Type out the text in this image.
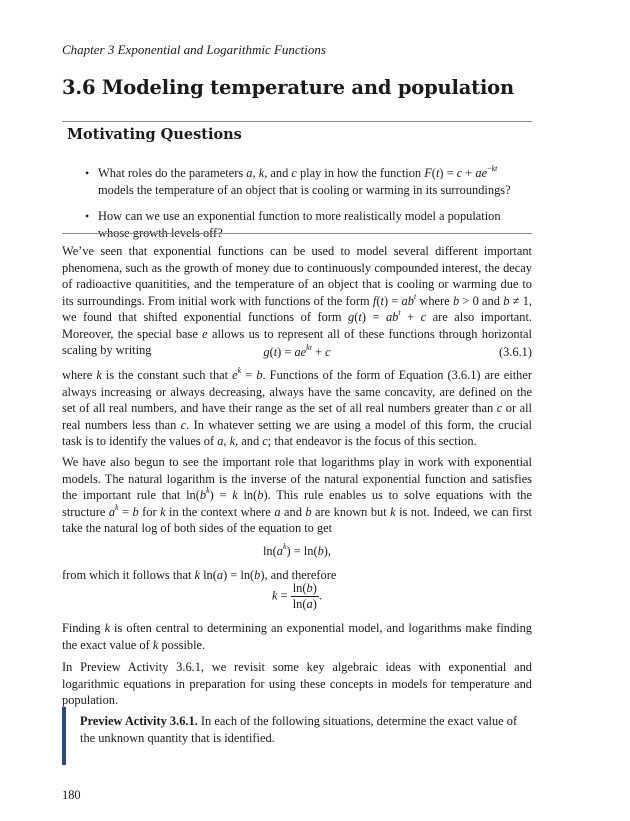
Chapter 3 Exponential and Logarithmic Functions
3.6 Modeling temperature and population
Motivating Questions
• What roles do the parameters a, k, and c play in how the function $F(t) = c + ae^{-kt}$ models the temperature of an object that is cooling or warming in its surroundings?
• How can we use an exponential function to more realistically model a population whose growth levels off?

We’ve seen that exponential functions can be used to model several different important phenomena, such as the growth of money due to continuously compounded interest, the decay of radioactive quanitities, and the temperature of an object that is cooling or warming due to its surroundings. From initial work with functions of the form $f(t) = ab^t$ where b > 0 and b ≠ 1, we found that shifted exponential functions of form $g(t) = ab^t + c$ are also important. Moreover, the special base e allows us to represent all of these functions through horizontal scaling by writing	$g(t) = ae^{kt} + c$	(3.6.1)

where k is the constant such that $e^k = b$. Functions of the form of Equation (3.6.1) are either always increasing or always decreasing, always have the same concavity, are defined on the set of all real numbers, and have their range as the set of all real numbers greater than c or all real numbers less than c. In whatever setting we are using a model of this form, the crucial task is to identify the values of a, k, and c; that endeavor is the focus of this section.

We have also begun to see the important role that logarithms play in work with exponential models. The natural logarithm is the inverse of the natural exponential function and satisfies the important rule that $\ln(b^k) = k$ ln(b). This rule enables us to solve equations with the structure $a^k = b$ for k in the context where a and b are known but k is not. Indeed, we can first take the natural log of both sides of the equation to get

$\ln(a^k) = \ln(b)$,

from which it follows that k ln(a) = ln(b), and therefore

$k = \frac{\ln(b)}{\ln(a)}$ .

Finding k is often central to determining an exponential model, and logarithms make finding the exact value of k possible.

In Preview Activity 3.6.1, we revisit some key algebraic ideas with exponential and logarithmic equations in preparation for using these concepts in models for temperature and population.

Preview Activity 3.6.1. In each of the following situations, determine the exact value of the unknown quantity that is identified.
180
